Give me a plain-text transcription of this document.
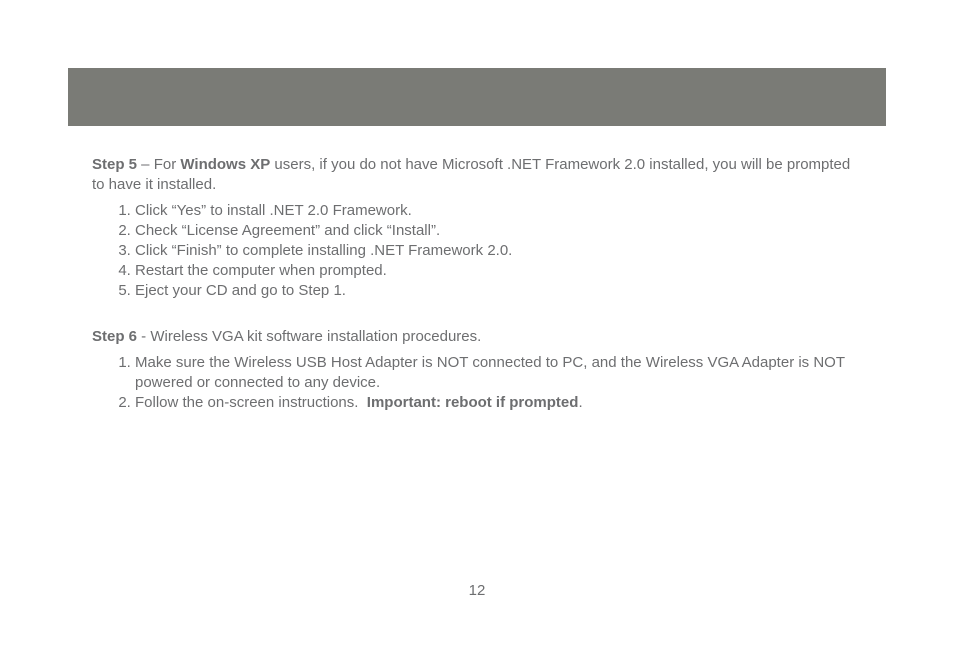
Step 5 – For Windows XP users, if you do not have Microsoft .NET Framework 2.0 installed, you will be prompted to have it installed.

1. Click “Yes” to install .NET 2.0 Framework.
2. Check “License Agreement” and click “Install”.
3. Click “Finish” to complete installing .NET Framework 2.0.
4. Restart the computer when prompted.
5. Eject your CD and go to Step 1.

Step 6 - Wireless VGA kit software installation procedures.

1. Make sure the Wireless USB Host Adapter is NOT connected to PC, and the Wireless VGA Adapter is NOT powered or connected to any device.
2. Follow the on-screen instructions.  Important: reboot if prompted.
12
